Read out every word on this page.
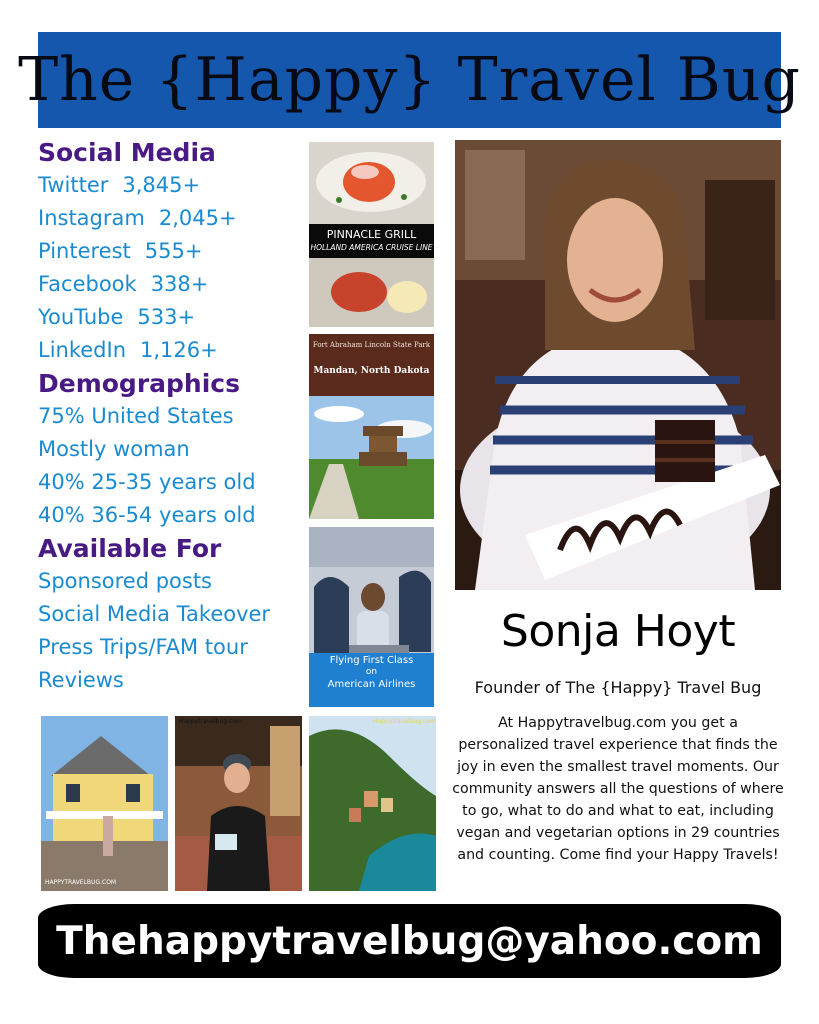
The {Happy} Travel Bug
Social Media
Twitter 3,845+
Instagram 2,045+
Pinterest 555+
Facebook 338+
YouTube 533+
LinkedIn 1,126+
Demographics
75% United States
Mostly woman
40% 25-35 years old
40% 36-54 years old
Available For
Sponsored posts
Social Media Takeover
Press Trips/FAM tour
Reviews
PINNACLE GRILL
HOLLAND AMERICA CRUISE LINE
Fort Abraham Lincoln State Park
Mandan, North Dakota
Flying First Class
on
American Airlines
HAPPYTRAVELBUG.COM
Happytravelbug.com	Happytravelbug.com
Sonja Hoyt
Founder of The {Happy} Travel Bug
At Happytravelbug.com you get a personalized travel experience that finds the joy in even the smallest travel moments. Our community answers all the questions of where to go, what to do and what to eat, including vegan and vegetarian options in 29 countries and counting. Come find your Happy Travels!
Thehappytravelbug@yahoo.com
